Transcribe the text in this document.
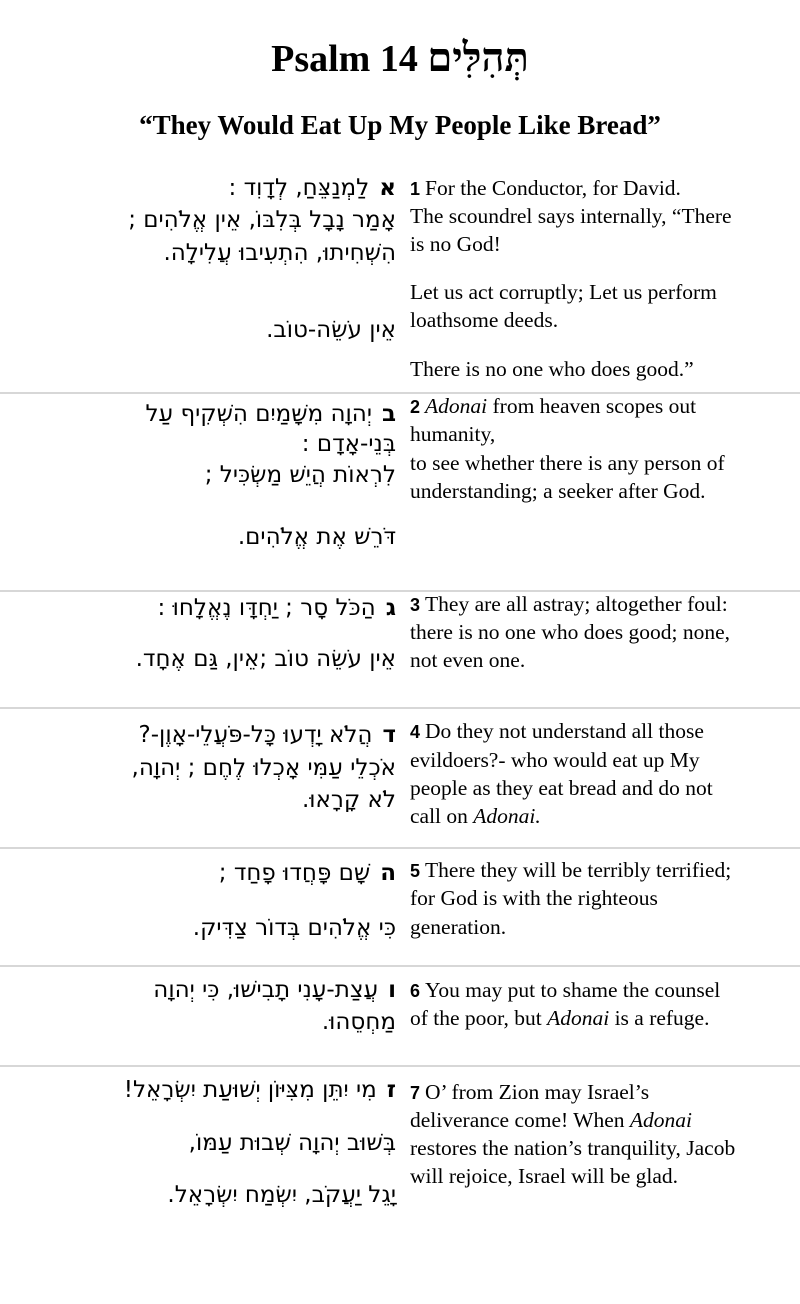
Psalm 14 תְּהִלִּים
“They Would Eat Up My People Like Bread”
אלַמְנַצֵּחַ, לְדָוִד :
אָמַר נָבָל בְּלִבּוֹ, אֵין אֱלֹהִים ;
הִשְׁחִיתוּ, הִתְעִיבוּ עֲלִילָה.
אֵין עֹשֵׂה-טוֹב.
1 For the Conductor, for David.
The scoundrel says internally, “There
is no God!
Let us act corruptly; Let us perform
loathsome deeds.
There is no one who does good.”
ביְהוָה מִשָּׁמַיִם הִשְׁקִיף עַל
בְּנֵי-אָדָם :
לִרְאוֹת הֲיֵשׁ מַשְׂכִּיל ;
דֹּרֵשׁ אֶת אֱלֹהִים.
2 Adonai from heaven scopes out
humanity,
to see whether there is any person of
understanding; a seeker after God.
גהַכֹּל סָר ; יַחְדָּו נֶאֱלָחוּ :
אֵין עֹשֵׂה טוֹב ;אֵין, גַּם אֶחָד.
3 They are all astray; altogether foul:
there is no one who does good; none,
not even one.
דהֲלֹא יָדְעוּ כָּל-פֹּעֲלֵי-אָוֶן-?
אֹכְלֵי עַמִּי אָכְלוּ לֶחֶם ; יְהוָה,
לֹא קָרָאוּ.
4 Do they not understand all those
evildoers?- who would eat up My
people as they eat bread and do not
call on Adonai.
השָׁם פָּחֲדוּ פָחַד ;
כִּי אֱלֹהִים בְּדוֹר צַדִּיק.
5 There they will be terribly terrified;
for God is with the righteous
generation.
ועֲצַת-עָנִי תָבִישׁוּ, כִּי יְהוָה
מַחְסֵהוּ.
6 You may put to shame the counsel
of the poor, but Adonai is a refuge.
זמִי יִתֵּן מִצִּיּוֹן יְשׁוּעַת יִשְׂרָאֵל!
בְּשׁוּב יְהוָה שְׁבוּת עַמּוֹ,
יָגֵל יַעֲקֹב, יִשְׂמַח יִשְׂרָאֵל.
7 O’ from Zion may Israel’s
deliverance come! When Adonai
restores the nation’s tranquility, Jacob
will rejoice, Israel will be glad.
